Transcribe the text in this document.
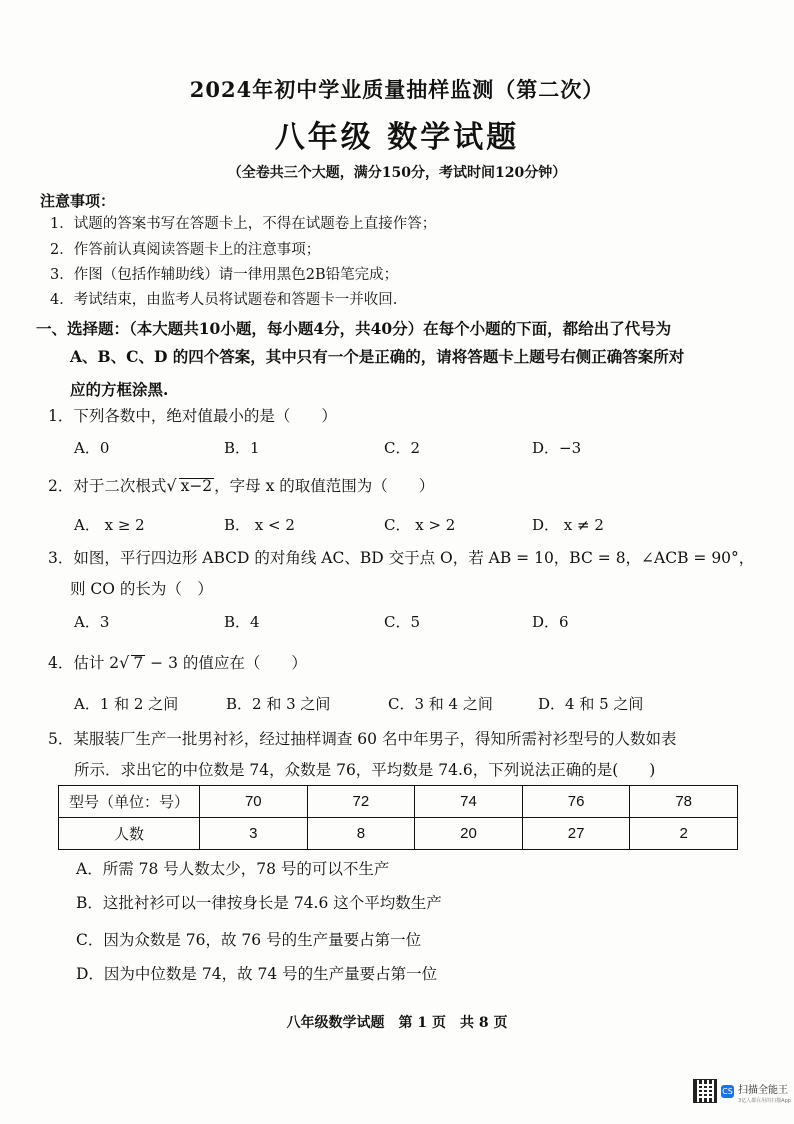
2024年初中学业质量抽样监测（第二次）
八年级 数学试题
（全卷共三个大题，满分150分，考试时间120分钟）
注意事项：
1．试题的答案书写在答题卡上，不得在试题卷上直接作答；
2．作答前认真阅读答题卡上的注意事项；
3．作图（包括作辅助线）请一律用黑色2B铅笔完成；
4．考试结束，由监考人员将试题卷和答题卡一并收回.
一、选择题：（本大题共10小题，每小题4分，共40分）在每个小题的下面，都给出了代号为
A、B、C、D 的四个答案，其中只有一个是正确的，请将答题卡上题号右侧正确答案所对
应的方框涂黑.
1．下列各数中，绝对值最小的是（　　）
A．0	B．1	C．2	D．−3
2．对于二次根式√ x−2 ，字母 x 的取值范围为（　　）
A． x ≥ 2	B． x < 2	C． x > 2	D． x ≠ 2
3．如图，平行四边形 ABCD 的对角线 AC、BD 交于点 O，若 AB = 10，BC = 8，∠ACB = 90°，
则 CO 的长为（　）
A．3	B．4	C．5	D．6
4．估计 2√ 7 − 3 的值应在（　　）
A．1 和 2 之间	B．2 和 3 之间	C．3 和 4 之间	D．4 和 5 之间
5．某服装厂生产一批男衬衫，经过抽样调查 60 名中年男子，得知所需衬衫型号的人数如表
所示．求出它的中位数是 74，众数是 76，平均数是 74.6，下列说法正确的是(　　)
型号（单位：号）	70	72	74	76	78
人数	3	8	20	27	2
A．所需 78 号人数太少，78 号的可以不生产
B．这批衬衫可以一律按身长是 74.6 这个平均数生产
C．因为众数是 76，故 76 号的生产量要占第一位
D．因为中位数是 74，故 74 号的生产量要占第一位
八年级数学试题　第 1 页　共 8 页
CS 扫描全能王
3亿人都在用的扫描App
